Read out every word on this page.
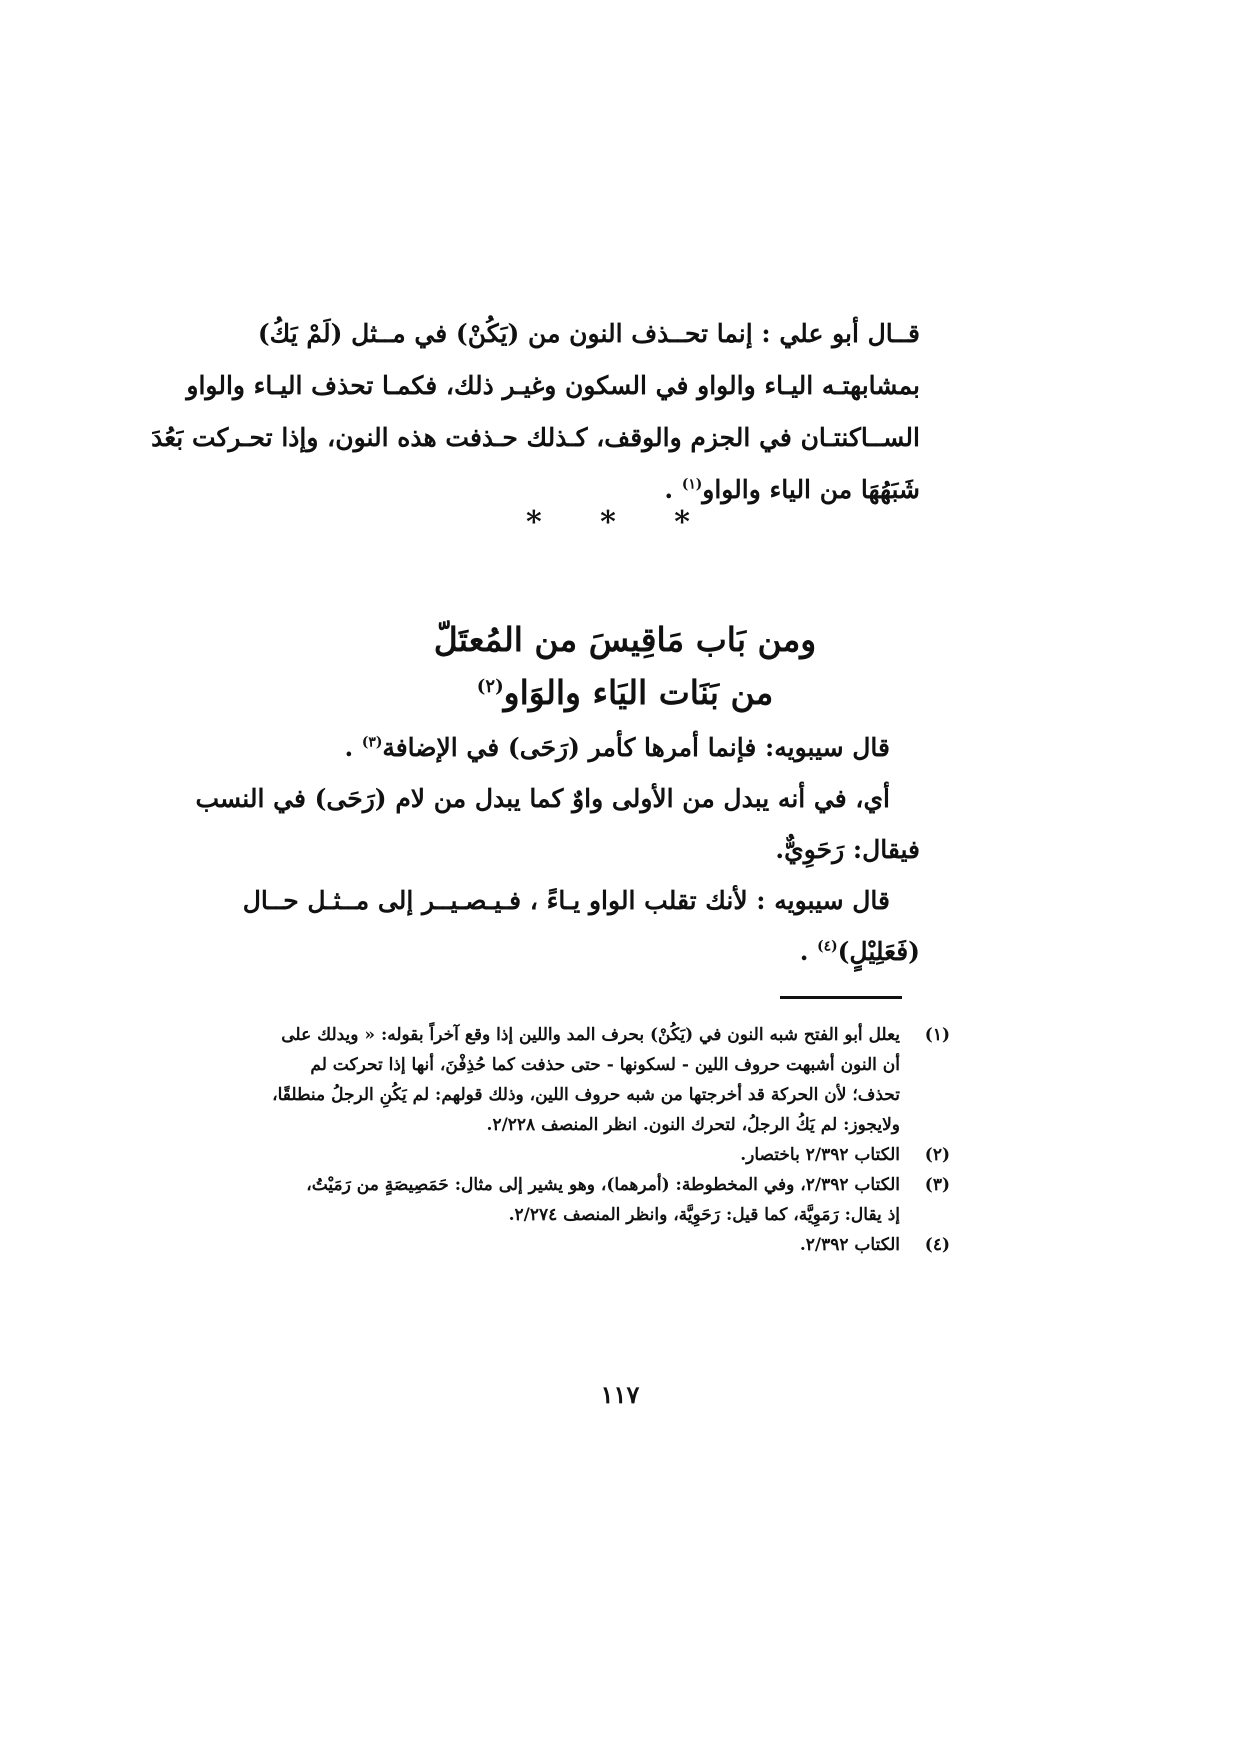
قــال أبو علي : إنما تحــذف النون من (يَكُنْ) في مــثل (لَمْ يَكُ)
بمشابهتـه اليـاء والواو في السكون وغيـر ذلك، فكمـا تحذف اليـاء والواو
الســاكنتـان في الجزم والوقف، كـذلك حـذفت هذه النون، وإذا تحـركت بَعُدَ
شَبَهُهَا من الياء والواو$^{(١)}$ .
* * *
ومن بَاب مَاقِيسَ من المُعتَلّ
من بَنَات اليَاء والوَاو$^{(٢)}$
قال سيبويه: فإنما أمرها كأمر (رَحَى) في الإضافة$^{(٣)}$ .
أي، في أنه يبدل من الأولى واوٌ كما يبدل من لام (رَحَى) في النسب
فيقال: رَحَوِيٌّ.
قال سيبويه : لأنك تقلب الواو يـاءً ، فـيـصـيــر إلى مــثـل حــال
(فَعَلِيْلٍ)$^{(٤)}$ .
(١)
يعلل أبو الفتح شبه النون في (يَكُنْ) بحرف المد واللين إذا وقع آخراً بقوله: « ويدلك على
أن النون أشبهت حروف اللين - لسكونها - حتى حذفت كما حُذِفْنَ، أنها إذا تحركت لم
تحذف؛ لأن الحركة قد أخرجتها من شبه حروف اللين، وذلك قولهم: لم يَكُنِ الرجلُ منطلقًا،
ولايجوز: لم يَكُ الرجلُ، لتحرك النون. انظر المنصف ٢/٢٢٨.
(٢)
الكتاب ٢/٣٩٢ باختصار.
(٣)
الكتاب ٢/٣٩٢، وفي المخطوطة: (أمرهما)، وهو يشير إلى مثال: حَمَصِيصَةٍ من رَمَيْتُ،
إذ يقال: رَمَوِيَّة، كما قيل: رَحَوِيَّة، وانظر المنصف ٢/٢٧٤.
(٤)
الكتاب ٢/٣٩٢.
١١٧
